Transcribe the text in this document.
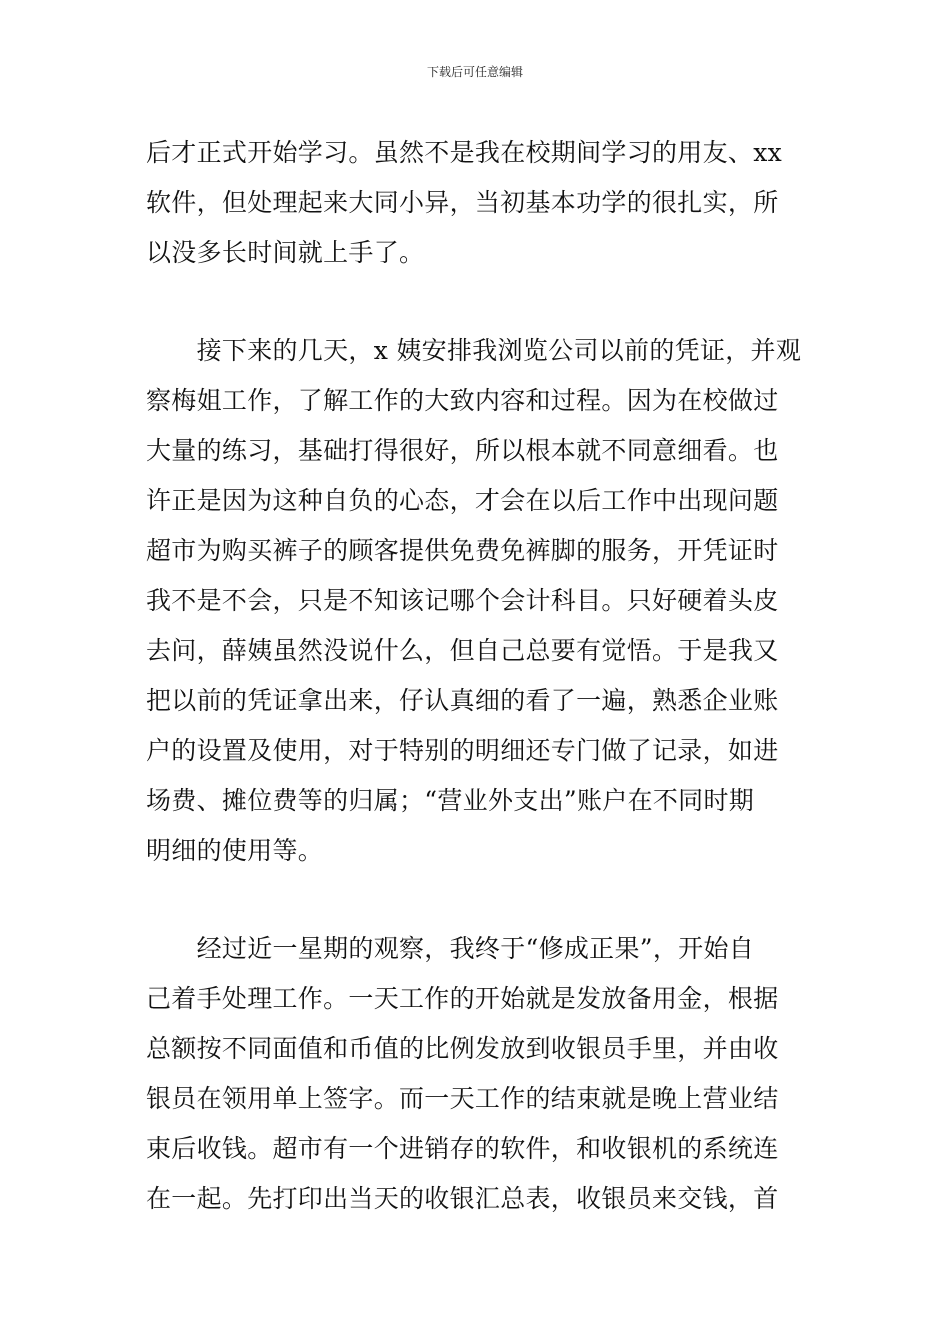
下载后可任意编辑
后才正式开始学习。虽然不是我在校期间学习的用友、xx
软件，但处理起来大同小异，当初基本功学的很扎实，所
以没多长时间就上手了。
　　接下来的几天，x 姨安排我浏览公司以前的凭证，并观
察梅姐工作，了解工作的大致内容和过程。因为在校做过
大量的练习，基础打得很好，所以根本就不同意细看。也
许正是因为这种自负的心态，才会在以后工作中出现问题
超市为购买裤子的顾客提供免费免裤脚的服务，开凭证时
我不是不会，只是不知该记哪个会计科目。只好硬着头皮
去问，薛姨虽然没说什么，但自己总要有觉悟。于是我又
把以前的凭证拿出来，仔认真细的看了一遍，熟悉企业账
户的设置及使用，对于特别的明细还专门做了记录，如进
场费、摊位费等的归属；“营业外支出”账户在不同时期
明细的使用等。
　　经过近一星期的观察，我终于“修成正果”，开始自
己着手处理工作。一天工作的开始就是发放备用金，根据
总额按不同面值和币值的比例发放到收银员手里，并由收
银员在领用单上签字。而一天工作的结束就是晚上营业结
束后收钱。超市有一个进销存的软件，和收银机的系统连
在一起。先打印出当天的收银汇总表，收银员来交钱，首
